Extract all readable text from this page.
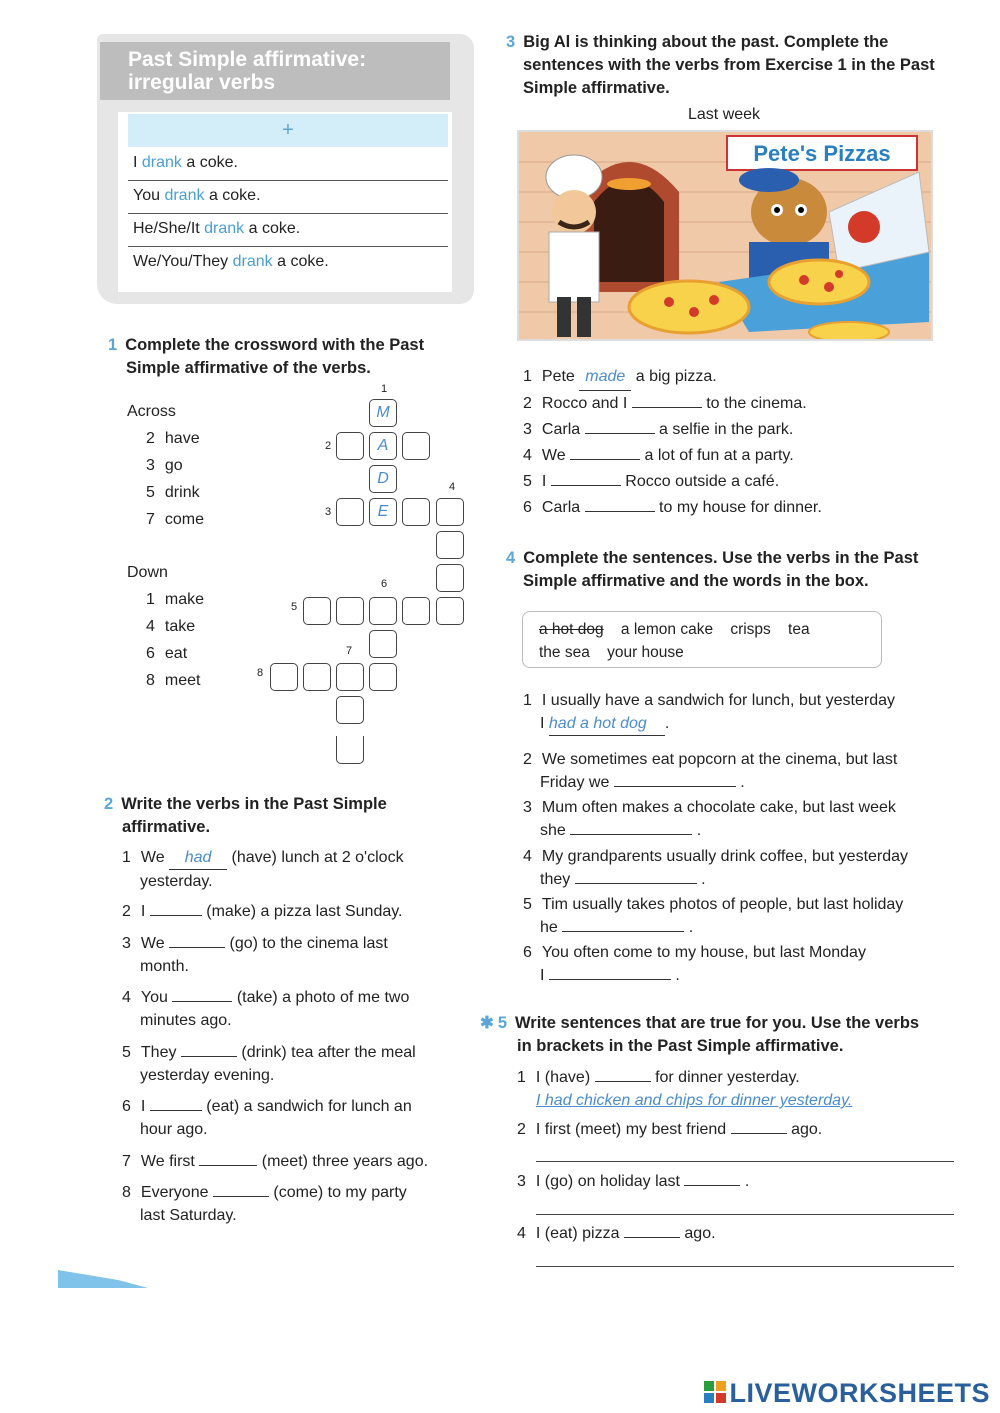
Past Simple affirmative:
irregular verbs
+
I drank a coke.
You drank a coke.
He/She/It drank a coke.
We/You/They drank a coke.
1 Complete the crossword with the Past
Simple affirmative of the verbs.
Across
2 have
3 go
5 drink
7 come
Down
1 make
4 take
6 eat
8 meet
1
2
3
4
5
6
7
8
M
A
D
E
2 Write the verbs in the Past Simple
affirmative.
1 We had (have) lunch at 2 o'clock
yesterday.
2 I	(make) a pizza last Sunday.
3 We	(go) to the cinema last
month.
4 You	(take) a photo of me two
minutes ago.
5 They	(drink) tea after the meal
yesterday evening.
6 I	(eat) a sandwich for lunch an
hour ago.
7 We first	(meet) three years ago.
8 Everyone	(come) to my party
last Saturday.
3 Big Al is thinking about the past. Complete the
sentences with the verbs from Exercise 1 in the Past
Simple affirmative.
Last week
Pete's Pizzas
1 Pete made a big pizza.
2 Rocco and I	to the cinema.
3 Carla	a selfie in the park.
4 We	a lot of fun at a party.
5 I	Rocco outside a café.
6 Carla	to my house for dinner.
4 Complete the sentences. Use the verbs in the Past
Simple affirmative and the words in the box.
a hot dog a lemon cake crisps tea
the sea your house
1 I usually have a sandwich for lunch, but yesterday
I had a hot dog .
2 We sometimes eat popcorn at the cinema, but last
Friday we	.
3 Mum often makes a chocolate cake, but last week
she	.
4 My grandparents usually drink coffee, but yesterday
they	.
5 Tim usually takes photos of people, but last holiday
he	.
6 You often come to my house, but last Monday
I	.
✱ 5 Write sentences that are true for you. Use the verbs
in brackets in the Past Simple affirmative.
1 I (have)	for dinner yesterday.
I had chicken and chips for dinner yesterday.
2 I first (meet) my best friend	ago.
3 I (go) on holiday last	.
4 I (eat) pizza	ago.
LIVEWORKSHEETS
